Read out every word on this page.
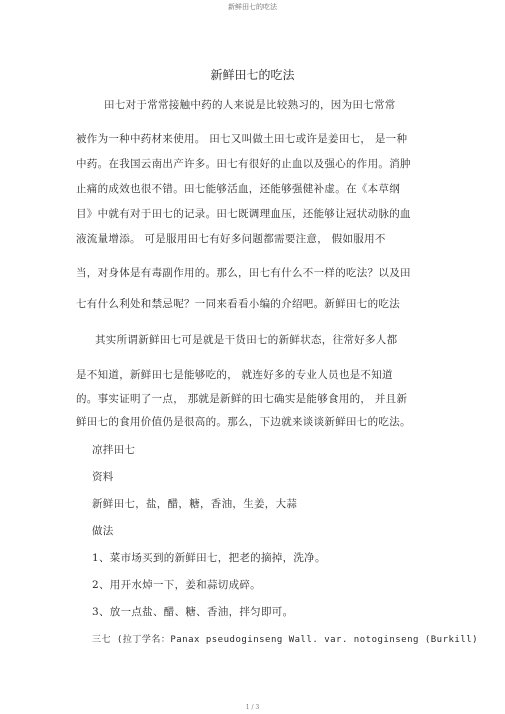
新鲜田七的吃法
新鲜田七的吃法
田七对于常常接触中药的人来说是比较熟习的，因为田七常常
被作为一种中药材来使用。 田七又叫做土田七或许是姜田七， 是一种
中药。在我国云南出产许多。田七有很好的止血以及强心的作用。消肿
止痛的成效也很不错。田七能够活血，还能够强健补虚。在《本草纲
目》中就有对于田七的记录。田七既调理血压，还能够让冠状动脉的血
液流量增添。 可是服用田七有好多问题都需要注意， 假如服用不
当，对身体是有毒副作用的。那么，田七有什么不一样的吃法？以及田
七有什么利处和禁忌呢？一同来看看小编的介绍吧。新鲜田七的吃法
其实所谓新鲜田七可是就是干货田七的新鲜状态，往常好多人都
是不知道，新鲜田七是能够吃的， 就连好多的专业人员也是不知道
的。事实证明了一点， 那就是新鲜的田七确实是能够食用的， 并且新
鲜田七的食用价值仍是很高的。那么，下边就来谈谈新鲜田七的吃法。
凉拌田七
资料
新鲜田七，盐，醋，糖，香油，生姜，大蒜
做法
1、菜市场买到的新鲜田七，把老的摘掉，洗净。
2、用开水焯一下，姜和蒜切成碎。
3、放一点盐、醋、糖、香油，拌匀即可。
三七 (拉丁学名：Panax pseudoginseng Wall. var. notoginseng (Burkill)
1 / 3
